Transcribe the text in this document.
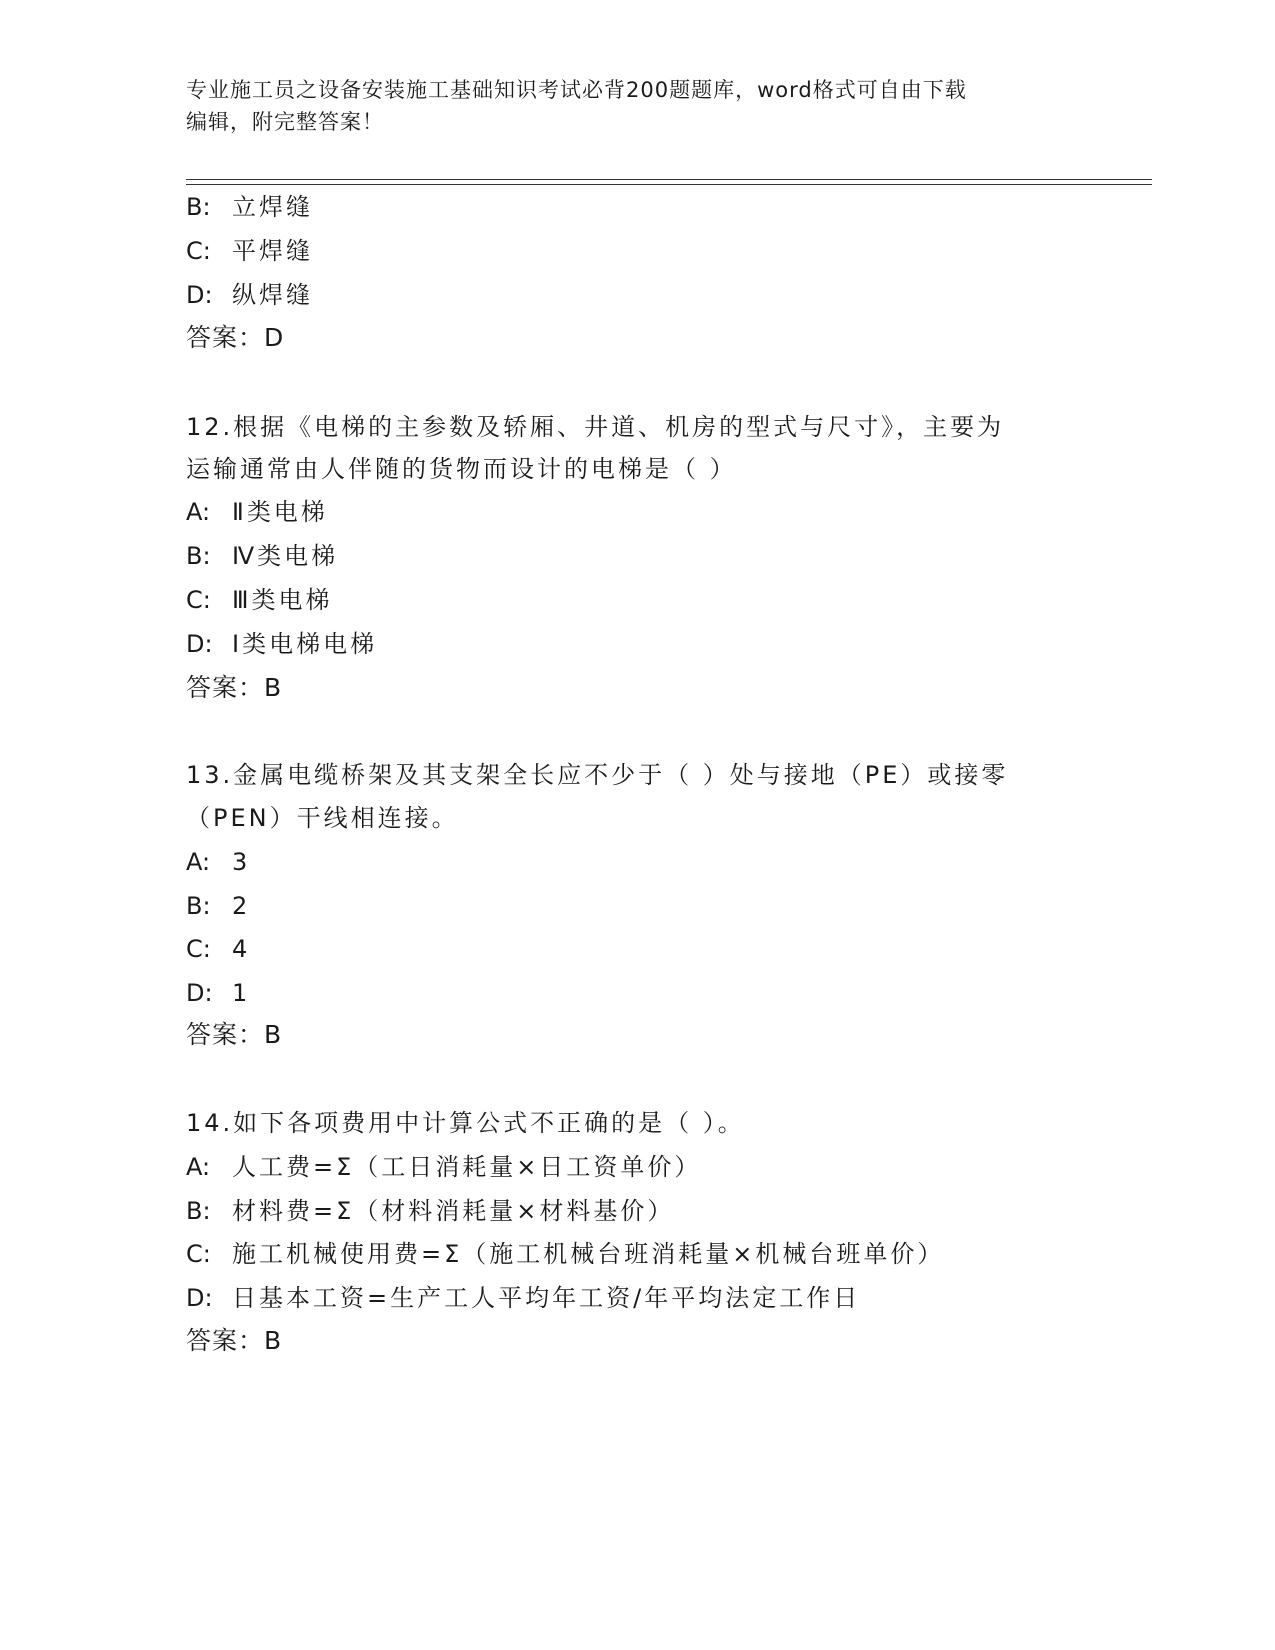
专业施工员之设备安装施工基础知识考试必背200题题库，word格式可自由下载
编辑，附完整答案！
B: 立焊缝
C: 平焊缝
D: 纵焊缝
答案：D
12.根据《电梯的主参数及轿厢、井道、机房的型式与尺寸》，主要为
运输通常由人伴随的货物而设计的电梯是（ ）
A: Ⅱ类电梯
B: Ⅳ类电梯
C: Ⅲ类电梯
D: Ⅰ类电梯电梯
答案：B
13.金属电缆桥架及其支架全长应不少于（ ）处与接地（PE）或接零
（PEN）干线相连接。
A: 3
B: 2
C: 4
D: 1
答案：B
14.如下各项费用中计算公式不正确的是（ ）。
A: 人工费=Σ（工日消耗量×日工资单价）
B: 材料费=Σ（材料消耗量×材料基价）
C: 施工机械使用费=Σ（施工机械台班消耗量×机械台班单价）
D: 日基本工资=生产工人平均年工资/年平均法定工作日
答案：B
